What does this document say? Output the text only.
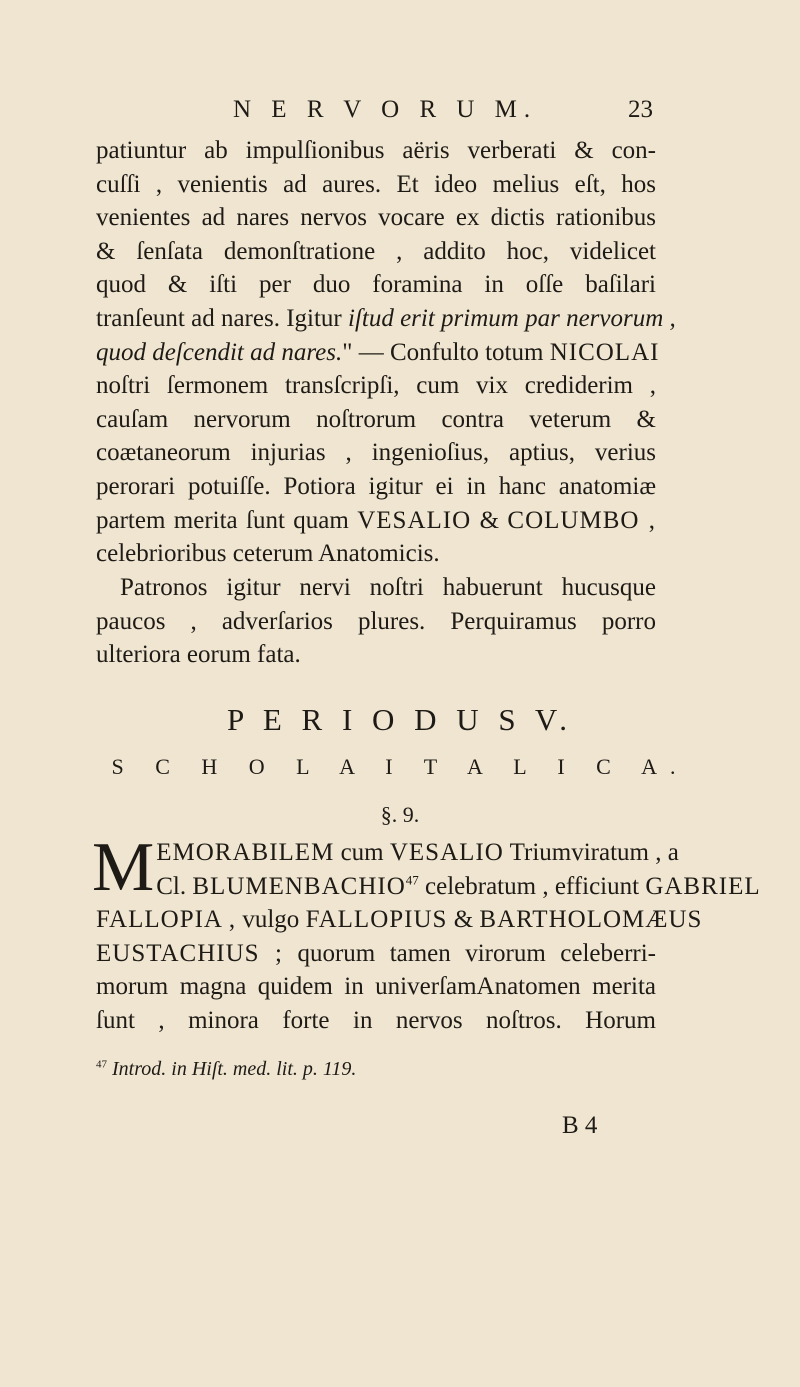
N E R V O R U M.	23
patiuntur ab impulſionibus aëris verberati & con-
cuſſi , venientis ad aures. Et ideo melius eſt, hos
venientes ad nares nervos vocare ex dictis rationibus
& ſenſata demonſtratione , addito hoc, videlicet
quod & iſti per duo foramina in oſſe baſilari
tranſeunt ad nares. Igitur iſtud erit primum par nervorum ,
quod deſcendit ad nares." — Confulto totum NICOLAI
noſtri ſermonem transſcripſi, cum vix crediderim ,
cauſam nervorum noſtrorum contra veterum &
coætaneorum injurias , ingenioſius, aptius, verius
perorari potuiſſe. Potiora igitur ei in hanc anatomiæ
partem merita ſunt quam VESALIO & COLUMBO ,
celebrioribus ceterum Anatomicis.
Patronos igitur nervi noſtri habuerunt hucusque
paucos , adverſarios plures. Perquiramus porro
ulteriora eorum fata.
P E R I O D U S V.
S C H O L A I T A L I C A.
§. 9.
M EMORABILEM cum VESALIO Triumviratum , a
Cl. BLUMENBACHIO$^{47}$ celebratum , efficiunt GABRIEL
FALLOPIA , vulgo FALLOPIUS & BARTHOLOMÆUS
EUSTACHIUS ; quorum tamen virorum celeberri-
morum magna quidem in univerſamAnatomen merita
ſunt , minora forte in nervos noſtros. Horum
$^{47}$ Introd. in Hiſt. med. lit. p. 119.
B 4
